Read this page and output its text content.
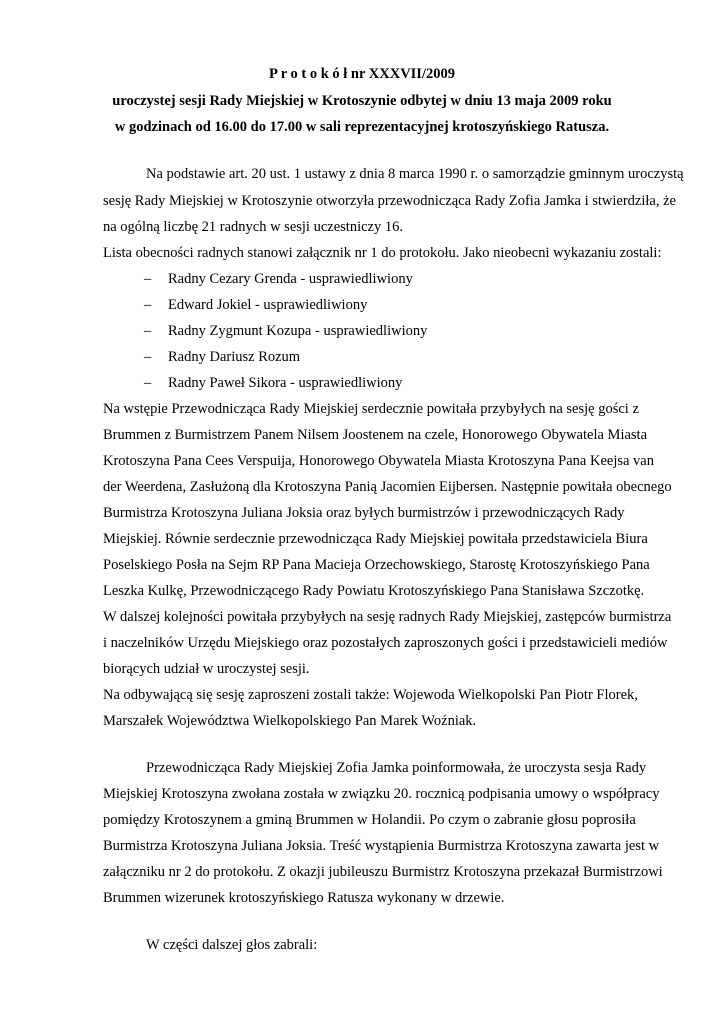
P r o t o k ó ł nr XXXVII/2009
uroczystej sesji Rady Miejskiej w Krotoszynie odbytej w dniu 13 maja 2009 roku
w godzinach od 16.00 do 17.00 w sali reprezentacyjnej krotoszyńskiego Ratusza.
Na podstawie art. 20 ust. 1 ustawy z dnia 8 marca 1990 r. o samorządzie gminnym uroczystą
sesję Rady Miejskiej w Krotoszynie otworzyła przewodnicząca Rady Zofia Jamka i stwierdziła, że
na ogólną liczbę 21 radnych w sesji uczestniczy 16.
Lista obecności radnych stanowi załącznik nr 1 do protokołu. Jako nieobecni wykazaniu zostali:
– Radny Cezary Grenda - usprawiedliwiony
– Edward Jokiel - usprawiedliwiony
– Radny Zygmunt Kozupa - usprawiedliwiony
– Radny Dariusz Rozum
– Radny Paweł Sikora - usprawiedliwiony
Na wstępie Przewodnicząca Rady Miejskiej serdecznie powitała przybyłych na sesję gości z
Brummen z Burmistrzem Panem Nilsem Joostenem na czele, Honorowego Obywatela Miasta
Krotoszyna Pana Cees Verspuija, Honorowego Obywatela Miasta Krotoszyna Pana Keejsa van
der Weerdena, Zasłużoną dla Krotoszyna Panią Jacomien Eijbersen. Następnie powitała obecnego
Burmistrza Krotoszyna Juliana Joksia oraz byłych burmistrzów i przewodniczących Rady
Miejskiej. Równie serdecznie przewodnicząca Rady Miejskiej powitała przedstawiciela Biura
Poselskiego Posła na Sejm RP Pana Macieja Orzechowskiego, Starostę Krotoszyńskiego Pana
Leszka Kulkę, Przewodniczącego Rady Powiatu Krotoszyńskiego Pana Stanisława Szczotkę.
W dalszej kolejności powitała przybyłych na sesję radnych Rady Miejskiej, zastępców burmistrza
i naczelników Urzędu Miejskiego oraz pozostałych zaproszonych gości i przedstawicieli mediów
biorących udział w uroczystej sesji.
Na odbywającą się sesję zaproszeni zostali także: Wojewoda Wielkopolski Pan Piotr Florek,
Marszałek Województwa Wielkopolskiego Pan Marek Woźniak.
Przewodnicząca Rady Miejskiej Zofia Jamka poinformowała, że uroczysta sesja Rady
Miejskiej Krotoszyna zwołana została w związku 20. rocznicą podpisania umowy o współpracy
pomiędzy Krotoszynem a gminą Brummen w Holandii. Po czym o zabranie głosu poprosiła
Burmistrza Krotoszyna Juliana Joksia. Treść wystąpienia Burmistrza Krotoszyna zawarta jest w
załączniku nr 2 do protokołu. Z okazji jubileuszu Burmistrz Krotoszyna przekazał Burmistrzowi
Brummen wizerunek krotoszyńskiego Ratusza wykonany w drzewie.
W części dalszej głos zabrali:
